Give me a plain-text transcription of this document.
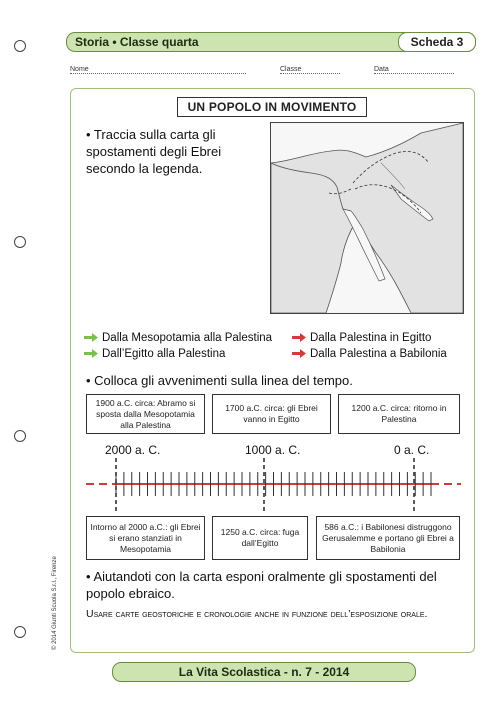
Storia • Classe quarta	Scheda 3
Nome	Classe	Data
UN POPOLO IN MOVIMENTO
• Traccia sulla carta gli spostamenti degli Ebrei secondo la legenda.
Dalla Mesopotamia alla Palestina	Dalla Palestina in Egitto
Dall’Egitto alla Palestina	Dalla Palestina a Babilonia
• Colloca gli avvenimenti sulla linea del tempo.
1900 a.C. circa: Abramo si sposta dalla Mesopotamia alla Palestina
1700 a.C. circa: gli Ebrei vanno in Egitto
1200 a.C. circa: ritorno in Palestina
2000 a. C.	1000 a. C.	0 a. C.
Intorno al 2000 a.C.: gli Ebrei si erano stanziati in Mesopotamia
1250 a.C. circa: fuga dall’Egitto
586 a.C.: i Babilonesi distruggono Gerusalemme e portano gli Ebrei a Babilonia
• Aiutandoti con la carta esponi oralmente gli spostamenti del popolo ebraico.
Usare carte geostoriche e cronologie anche in funzione dell’esposizione orale.
© 2014 Giunti Scuola S.r.l., Firenze
La Vita Scolastica - n. 7 - 2014
